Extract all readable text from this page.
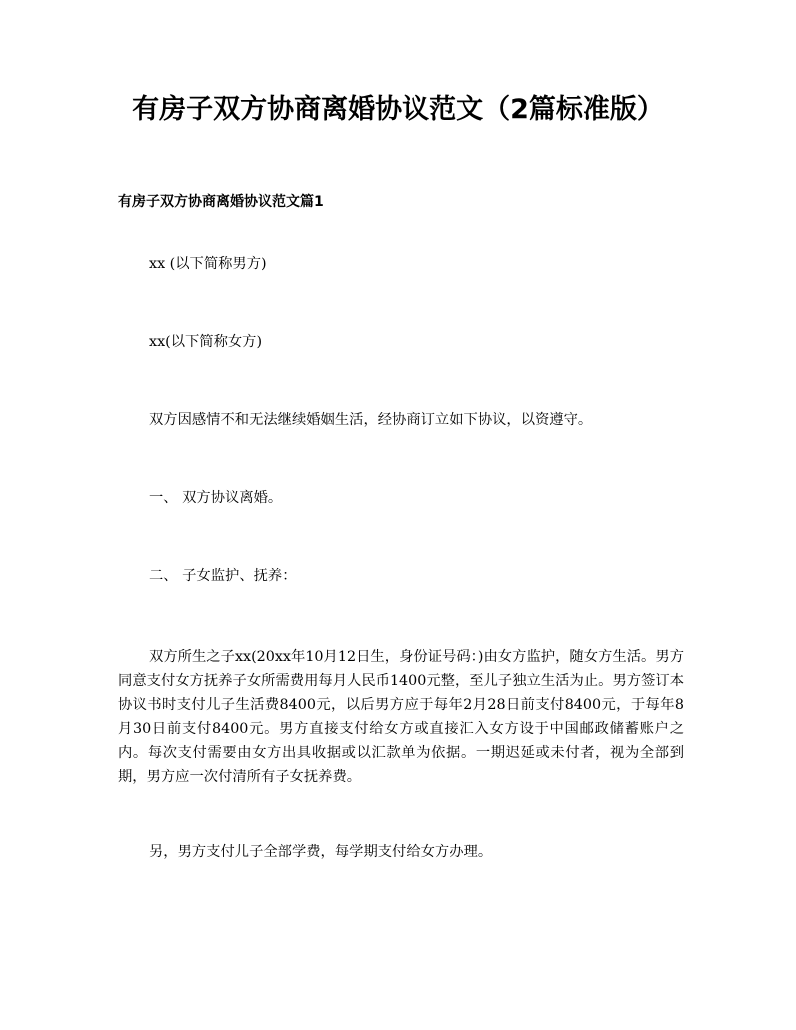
有房子双方协商离婚协议范文（2篇标准版）
有房子双方协商离婚协议范文篇1

xx (以下简称男方)

xx(以下简称女方)

双方因感情不和无法继续婚姻生活，经协商订立如下协议，以资遵守。

一、 双方协议离婚。

二、 子女监护、抚养：

双方所生之子xx(20xx年10月12日生，身份证号码：)由女方监护，随女方生活。男方同意支付女方抚养子女所需费用每月人民币1400元整，至儿子独立生活为止。男方签订本协议书时支付儿子生活费8400元，以后男方应于每年2月28日前支付8400元，于每年8月30日前支付8400元。男方直接支付给女方或直接汇入女方设于中国邮政储蓄账户之内。每次支付需要由女方出具收据或以汇款单为依据。一期迟延或未付者，视为全部到期，男方应一次付清所有子女抚养费。

另，男方支付儿子全部学费，每学期支付给女方办理。
